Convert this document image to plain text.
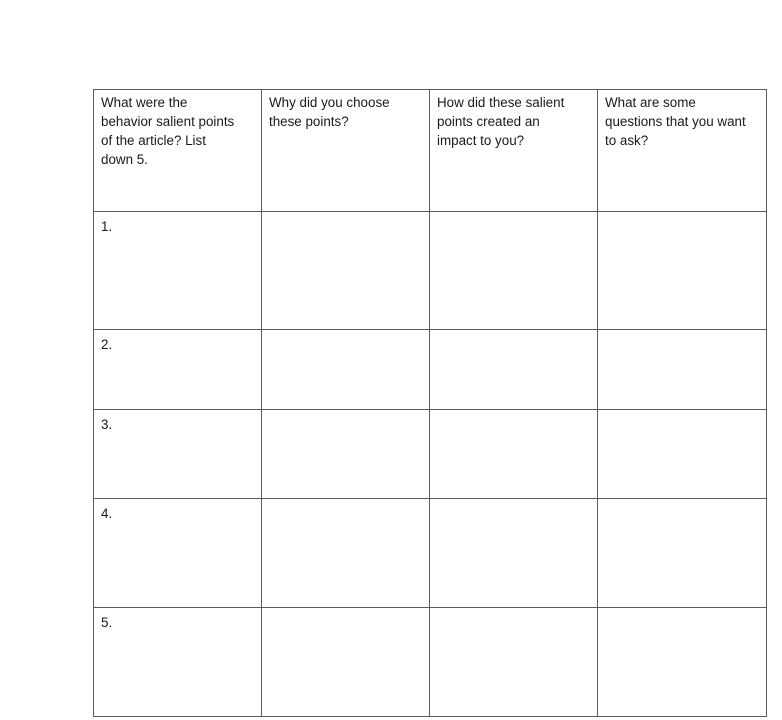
What were the
behavior salient points
of the article? List
down 5.	Why did you choose
these points?	How did these salient
points created an
impact to you?	What are some
questions that you want
to ask?

1.			
2.			
3.			
4.			
5.			
